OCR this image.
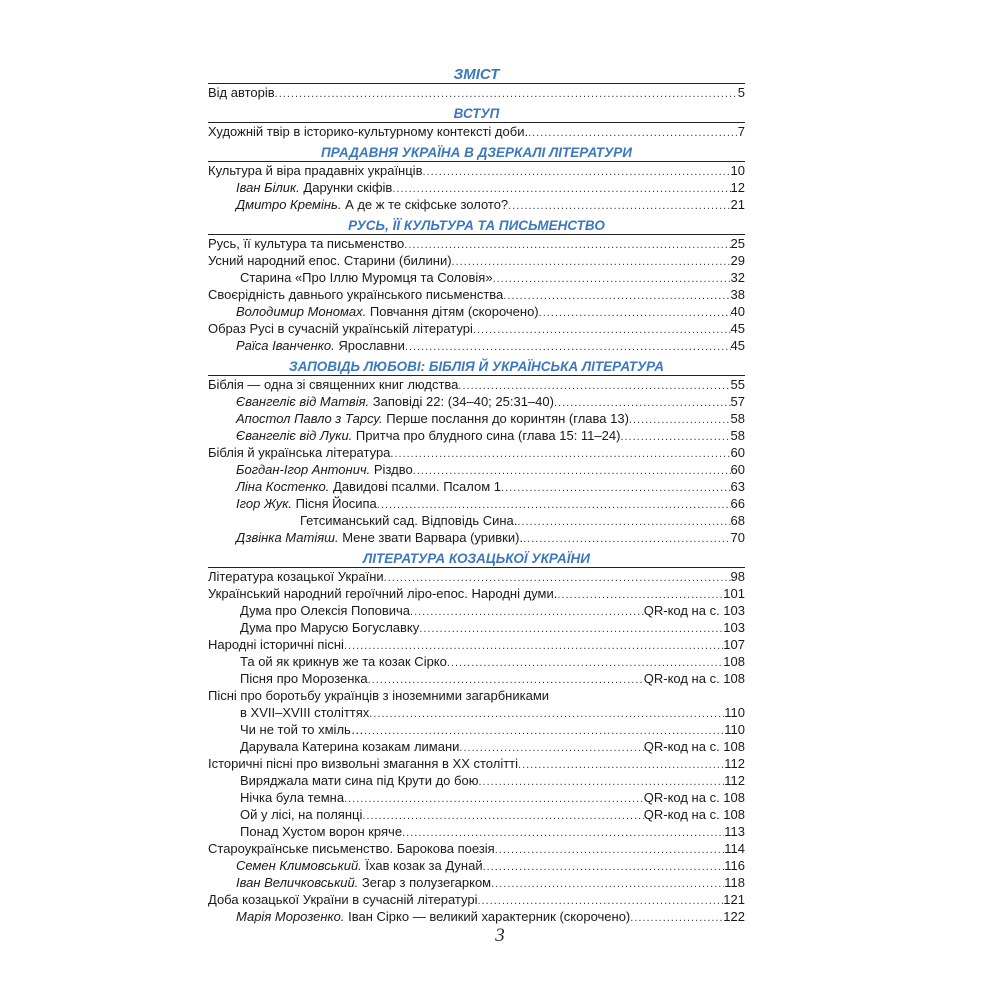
ЗМІСТ
Від авторів .....	5
ВСТУП
Художній твір в історико-культурному контексті доби. .....	7
ПРАДАВНЯ УКРАЇНА В ДЗЕРКАЛІ ЛІТЕРАТУРИ
Культура й віра прадавніх українців .....	10
Іван Білик. Дарунки скіфів .....	12
Дмитро Кремінь. А де ж те скіфське золото? .....	21
РУСЬ, ЇЇ КУЛЬТУРА ТА ПИСЬМЕНСТВО
Русь, її культура та письменство .....	25
Усний народний епос. Старини (билини) .....	29
Старина «Про Іллю Муромця та Соловія» .....	32
Своєрідність давнього українського письменства .....	38
Володимир Мономах. Повчання дітям (скорочено) .....	40
Образ Русі в сучасній українській літературі .....	45
Раїса Іванченко. Ярославни .....	45
ЗАПОВІДЬ ЛЮБОВІ: БІБЛІЯ Й УКРАЇНСЬКА ЛІТЕРАТУРА
Біблія — одна зі священних книг людства .....	55
Євангеліє від Матвія. Заповіді 22: (34–40; 25:31–40) .....	57
Апостол Павло з Тарсу. Перше послання до коринтян (глава 13) .....	58
Євангеліє від Луки. Притча про блудного сина (глава 15: 11–24) .....	58
Біблія й українська література .....	60
Богдан-Ігор Антонич. Різдво .....	60
Ліна Костенко. Давидові псалми. Псалом 1 .....	63
Ігор Жук. Пісня Йосипа .....	66
Гетсиманський сад. Відповідь Сина. .....	68
Дзвінка Матіяш. Мене звати Варвара (уривки). .....	70
ЛІТЕРАТУРА КОЗАЦЬКОЇ УКРАЇНИ
Література козацької України .....	98
Український народний героїчний ліро-епос. Народні думи. .....	101
Дума про Олексія Поповича .....	QR-код на с. 103
Дума про Марусю Богуславку .....	103
Народні історичні пісні .....	107
Та ой як крикнув же та козак Сірко .....	108
Пісня про Морозенка .....	QR-код на с. 108
Пісні про боротьбу українців з іноземними загарбниками
в XVII–XVIII століттях .....	110
Чи не той то хміль… .....	110
Дарувала Катерина козакам лимани .....	QR-код на с. 108
Історичні пісні про визвольні змагання в XX столітті .....	112
Виряджала мати сина під Крути до бою .....	112
Нічка була темна .....	QR-код на с. 108
Ой у лісі, на полянці .....	QR-код на с. 108
Понад Хустом ворон кряче .....	113
Староукраїнське письменство. Барокова поезія .....	114
Семен Климовський. Їхав козак за Дунай .....	116
Іван Величковський. Зегар з полузегарком .....	118
Доба козацької України в сучасній літературі .....	121
Марія Морозенко. Іван Сірко — великий характерник (скорочено) .....	122
3
